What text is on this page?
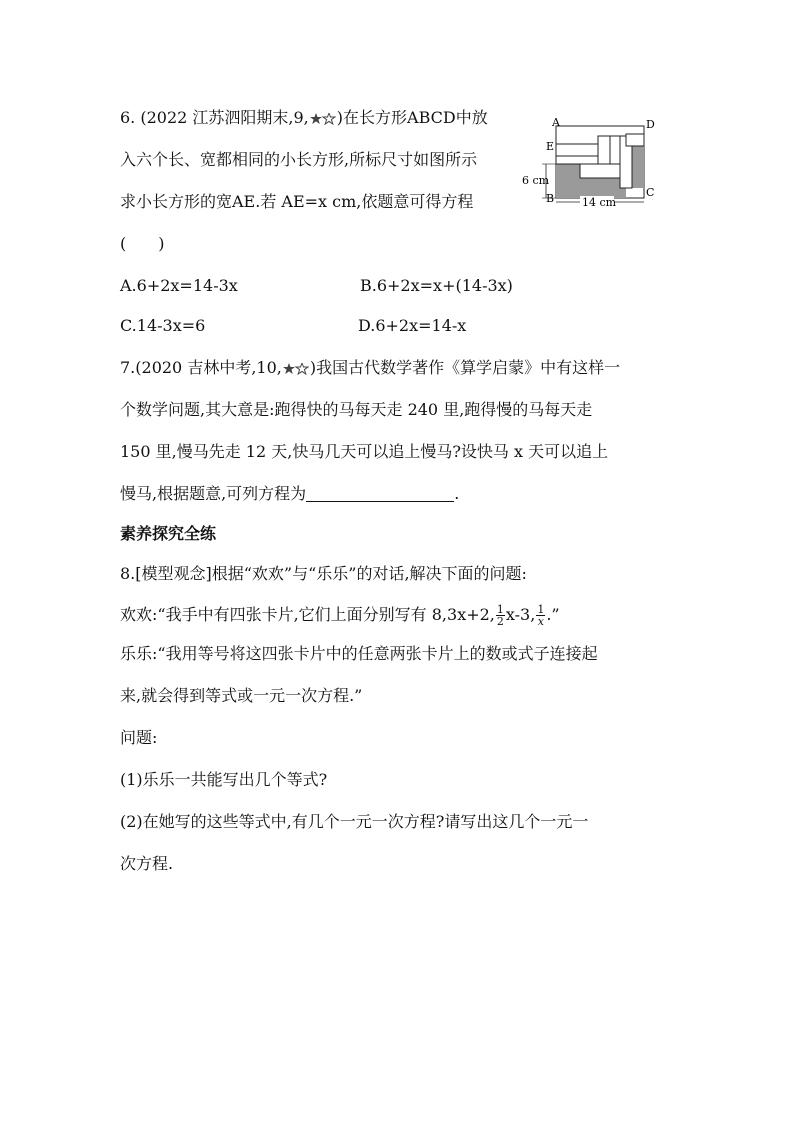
6. (2022 江苏泗阳期末,9, )在长方形ABCD中放
入六个长、宽都相同的小长方形,所标尺寸如图所示
求小长方形的宽AE.若 AE=x cm,依题意可得方程
(　　)
A.6+2x=14-3x	B.6+2x=x+(14-3x)
C.14-3x=6	D.6+2x=14-x
A	D
E
B	C
6 cm
14 cm
7.(2020 吉林中考,10, )我国古代数学著作《算学启蒙》中有这样一
个数学问题,其大意是:跑得快的马每天走 240 里,跑得慢的马每天走
150 里,慢马先走 12 天,快马几天可以追上慢马?设快马 x 天可以追上
慢马,根据题意,可列方程为	.
素养探究全练
8.[模型观念]根据“欢欢”与“乐乐”的对话,解决下面的问题:
欢欢:“我手中有四张卡片,它们上面分别写有 8,3x+2, $\frac{1}{2} x-3$, $\frac{1}{x}$ .”
乐乐:“我用等号将这四张卡片中的任意两张卡片上的数或式子连接起
来,就会得到等式或一元一次方程.”
问题:
(1)乐乐一共能写出几个等式?
(2)在她写的这些等式中,有几个一元一次方程?请写出这几个一元一
次方程.
